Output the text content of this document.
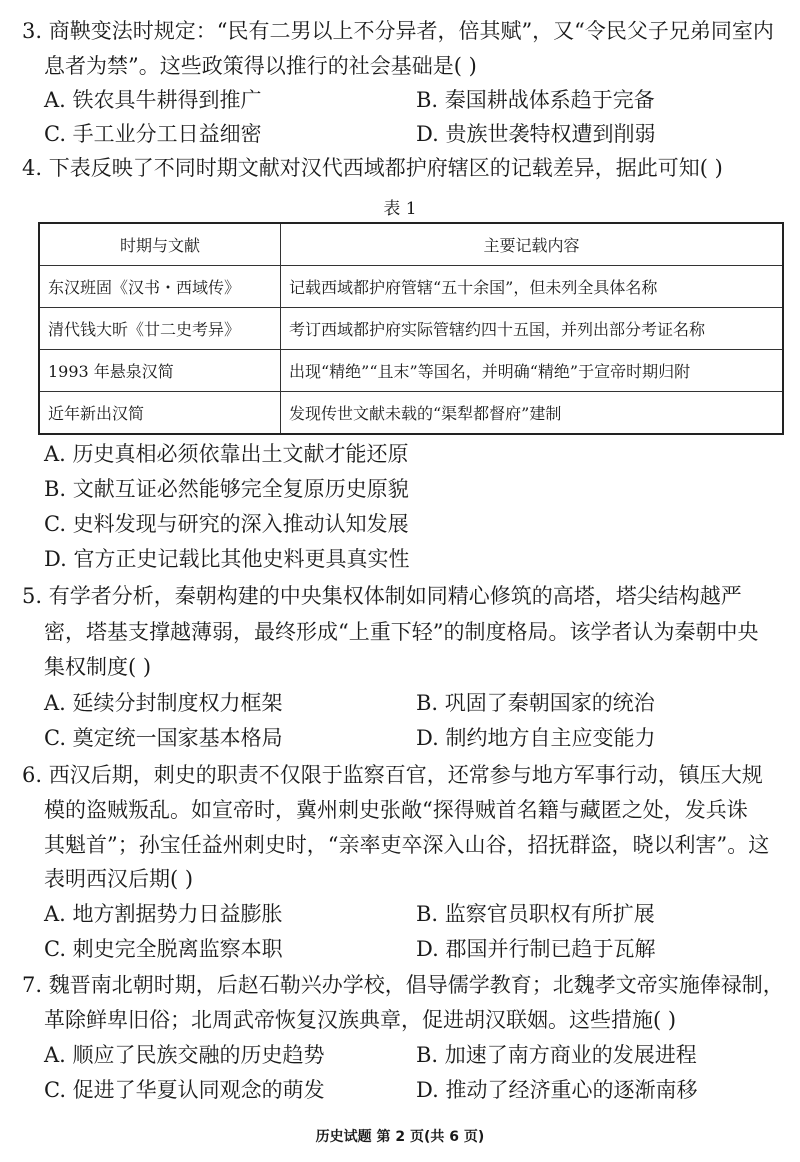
3. 商鞅变法时规定：“民有二男以上不分异者，倍其赋”，又“令民父子兄弟同室内
息者为禁”。这些政策得以推行的社会基础是( )
A. 铁农具牛耕得到推广	B. 秦国耕战体系趋于完备
C. 手工业分工日益细密	D. 贵族世袭特权遭到削弱
4. 下表反映了不同时期文献对汉代西域都护府辖区的记载差异，据此可知( )
表 1
时期与文献	主要记载内容
东汉班固《汉书・西域传》	记载西域都护府管辖“五十余国”，但未列全具体名称
清代钱大昕《廿二史考异》	考订西域都护府实际管辖约四十五国，并列出部分考证名称
1993 年悬泉汉简	出现“精绝”“且末”等国名，并明确“精绝”于宣帝时期归附
近年新出汉简	发现传世文献未载的“渠犁都督府”建制
A. 历史真相必须依靠出土文献才能还原
B. 文献互证必然能够完全复原历史原貌
C. 史料发现与研究的深入推动认知发展
D. 官方正史记载比其他史料更具真实性
5. 有学者分析，秦朝构建的中央集权体制如同精心修筑的高塔，塔尖结构越严
密，塔基支撑越薄弱，最终形成“上重下轻”的制度格局。该学者认为秦朝中央
集权制度( )
A. 延续分封制度权力框架	B. 巩固了秦朝国家的统治
C. 奠定统一国家基本格局	D. 制约地方自主应变能力
6. 西汉后期，刺史的职责不仅限于监察百官，还常参与地方军事行动，镇压大规
模的盗贼叛乱。如宣帝时，冀州刺史张敞“探得贼首名籍与藏匿之处，发兵诛
其魁首”；孙宝任益州刺史时，“亲率吏卒深入山谷，招抚群盗，晓以利害”。这
表明西汉后期( )
A. 地方割据势力日益膨胀	B. 监察官员职权有所扩展
C. 刺史完全脱离监察本职	D. 郡国并行制已趋于瓦解
7. 魏晋南北朝时期，后赵石勒兴办学校，倡导儒学教育；北魏孝文帝实施俸禄制，
革除鲜卑旧俗；北周武帝恢复汉族典章，促进胡汉联姻。这些措施( )
A. 顺应了民族交融的历史趋势	B. 加速了南方商业的发展进程
C. 促进了华夏认同观念的萌发	D. 推动了经济重心的逐渐南移
历史试题 第 2 页(共 6 页)
